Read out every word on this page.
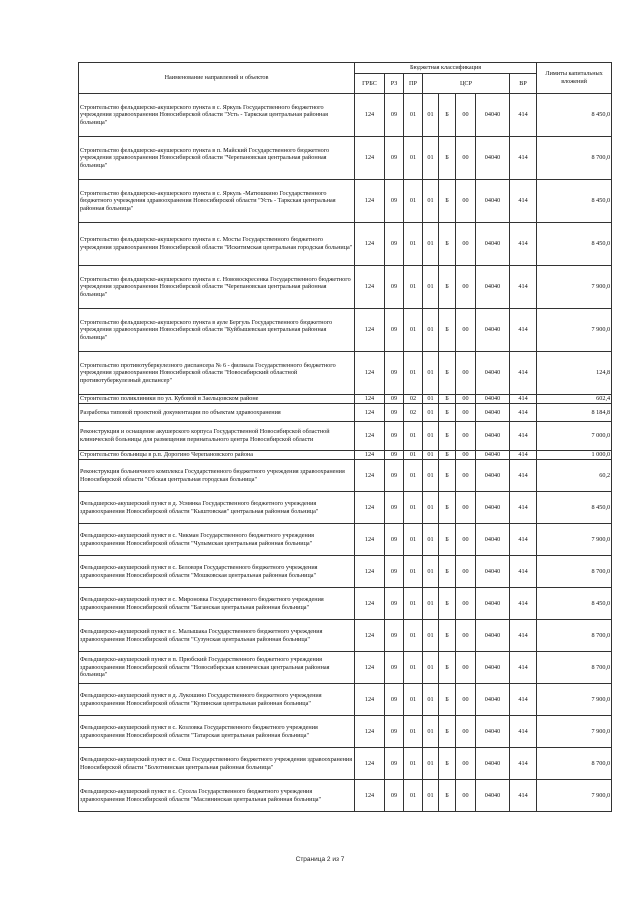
Наименование направлений и объектов	Бюджетная классификация								Лимиты капитальных вложений
	ГРБС	РЗ	ПР	ЦСР				ВР	
Строительство фельдшерско-акушерского пункта в с. Яркуль Государственного бюджетного учреждения здравоохранения Новосибирской области "Усть - Таркская центральная районная больница"	124	09	01	01	Б	00	04040	414	8 450,0
Строительство фельдшерско-акушерского пункта в п. Майский Государственного бюджетного учреждения здравоохранения Новосибирской области "Черепановская центральная районная больница"	124	09	01	01	Б	00	04040	414	8 700,0
Строительство фельдшерско-акушерского пункта в с. Яркуль -Матюшкино Государственного бюджетного учреждения здравоохранения Новосибирской области "Усть - Таркская центральная районная больница"	124	09	01	01	Б	00	04040	414	8 450,0
Строительство фельдшерско-акушерского пункта в с. Мосты Государственного бюджетного учреждения здравоохранения Новосибирской области "Искитимская центральная городская больница"	124	09	01	01	Б	00	04040	414	8 450,0
Строительство фельдшерско-акушерского пункта в с. Нововоскресенка Государственного бюджетного учреждения здравоохранения Новосибирской области "Черепановская центральная районная больница"	124	09	01	01	Б	00	04040	414	7 900,0
Строительство фельдшерско-акушерского пункта в ауле Бергуль Государственного бюджетного учреждения здравоохранения Новосибирской области "Куйбышевская центральная районная больница"	124	09	01	01	Б	00	04040	414	7 900,0
Строительство противотуберкулезного диспансера № 6 - филиала Государственного бюджетного учреждения здравоохранения Новосибирской области "Новосибирский областной противотуберкулезный диспансер"	124	09	01	01	Б	00	04040	414	124,8
Строительство поликлиники по ул. Кубовой в Заельцовском районе	124	09	02	01	Б	00	04040	414	602,4
Разработка типовой проектной документации по объектам здравоохранения	124	09	02	01	Б	00	04040	414	8 184,8
Реконструкция и оснащение акушерского корпуса Государственной Новосибирской областной клинической больницы для размещения перинатального центра Новосибирской области	124	09	01	01	Б	00	04040	414	7 000,0
Строительство больницы в р.п. Дорогино Черепановского района	124	09	01	01	Б	00	04040	414	1 000,0
Реконструкция больничного комплекса Государственного бюджетного учреждения здравоохранения Новосибирской области "Обская центральная городская больница"	124	09	01	01	Б	00	04040	414	60,2
Фельдшерско-акушерский пункт в д. Усмянка Государственного бюджетного учреждения здравоохранения Новосибирской области "Кыштовская" центральная районная больница"	124	09	01	01	Б	00	04040	414	8 450,0
Фельдшерско-акушерский пункт в с. Чикман Государственного бюджетного учреждения здравоохранения Новосибирской области "Чулымская центральная районная больница"	124	09	01	01	Б	00	04040	414	7 900,0
Фельдшерско-акушерский пункт в с. Беловзря Государственного бюджетного учреждения здравоохранения Новосибирской области "Мошковская центральная районная больница"	124	09	01	01	Б	00	04040	414	8 700,0
Фельдшерско-акушерский пункт в с. Мироновка Государственного бюджетного учреждения здравоохранения Новосибирской области "Баганская центральная районная больница"	124	09	01	01	Б	00	04040	414	8 450,0
Фельдшерско-акушерский пункт в с. Малышака Государственного бюджетного учреждения здравоохранения Новосибирской области "Сузунская центральная районная больница"	124	09	01	01	Б	00	04040	414	8 700,0
Фельдшерско-акушерский пункт в п. Прюбский Государственного бюджетного учреждения здравоохранения Новосибирской области "Новосибирская клиническая центральная районная больница"	124	09	01	01	Б	00	04040	414	8 700,0
Фельдшерско-акушерский пункт в д. Лукошино Государственного бюджетного учреждения здравоохранения Новосибирской области "Купинская центральная районная больница"	124	09	01	01	Б	00	04040	414	7 900,0
Фельдшерско-акушерский пункт в с. Козловка Государственного бюджетного учреждения здравоохранения Новосибирской области "Татарская центральная районная больница"	124	09	01	01	Б	00	04040	414	7 900,0
Фельдшерско-акушерский пункт в с. Ояш Государственного бюджетного учреждения здравоохранения Новосибирской области "Болотнинская центральная районная больница"	124	09	01	01	Б	00	04040	414	8 700,0
Фельдшерско-акушерский пункт в с. Сусела Государственного бюджетного учреждения здравоохранения Новосибирской области "Маслянинская центральная районная больница"	124	09	01	01	Б	00	04040	414	7 900,0
Страница 2 из 7
